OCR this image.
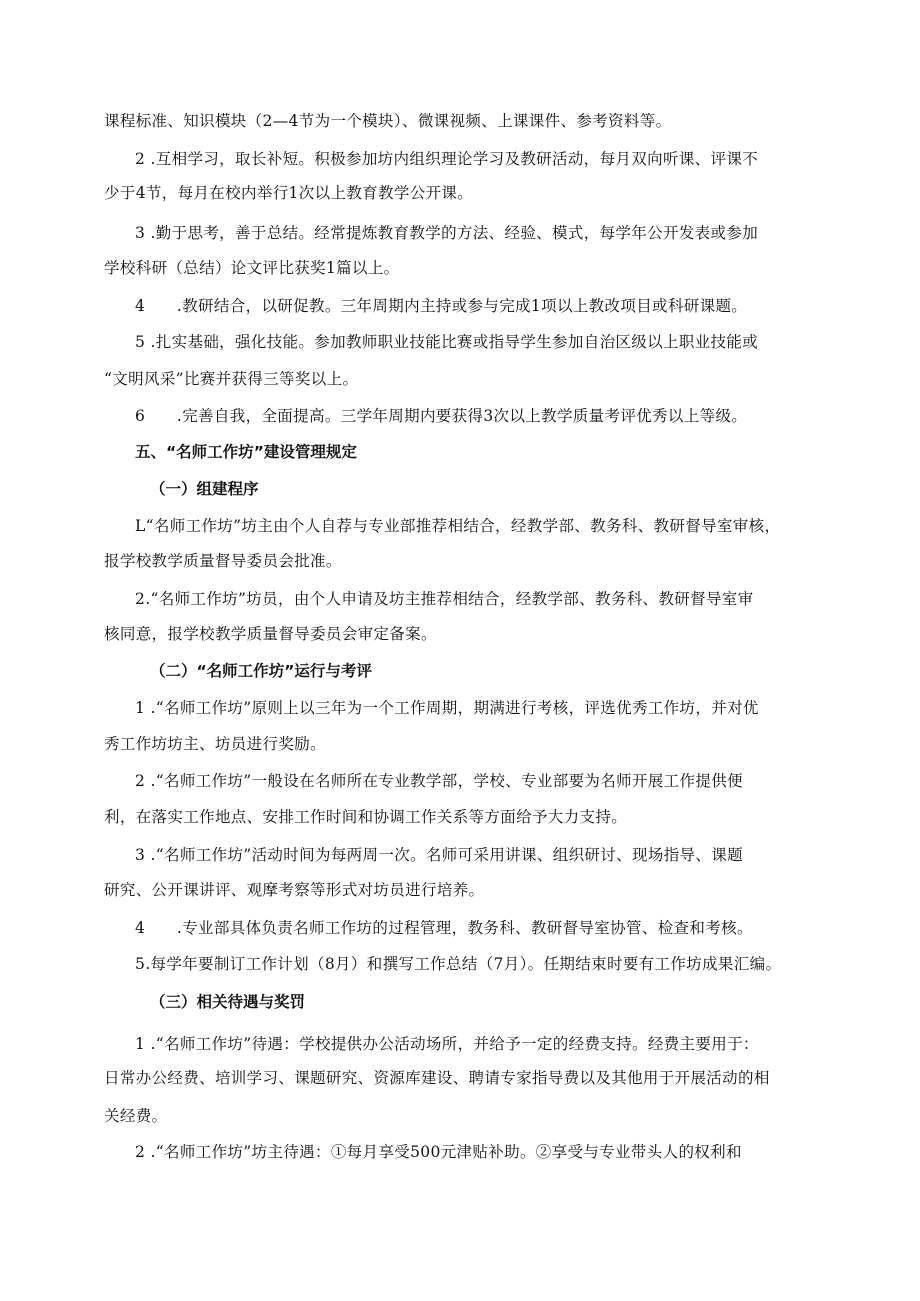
课程标准、知识模块（2—4节为一个模块）、微课视频、上课课件、参考资料等。
2 .互相学习，取长补短。积极参加坊内组织理论学习及教研活动，每月双向听课、评课不
少于4节，每月在校内举行1次以上教育教学公开课。
3 .勤于思考，善于总结。经常提炼教育教学的方法、经验、模式，每学年公开发表或参加
学校科研（总结）论文评比获奖1篇以上。
4　　.教研结合，以研促教。三年周期内主持或参与完成1项以上教改项目或科研课题。
5 .扎实基础，强化技能。参加教师职业技能比赛或指导学生参加自治区级以上职业技能或
“文明风采”比赛并获得三等奖以上。
6　　.完善自我，全面提高。三学年周期内要获得3次以上教学质量考评优秀以上等级。
五、“名师工作坊”建设管理规定
（一）组建程序
L“名师工作坊”坊主由个人自荐与专业部推荐相结合，经教学部、教务科、教研督导室审核，
报学校教学质量督导委员会批准。
2.“名师工作坊”坊员，由个人申请及坊主推荐相结合，经教学部、教务科、教研督导室审
核同意，报学校教学质量督导委员会审定备案。
（二）“名师工作坊”运行与考评
1 .“名师工作坊”原则上以三年为一个工作周期，期满进行考核，评选优秀工作坊，并对优
秀工作坊坊主、坊员进行奖励。
2 .“名师工作坊”一般设在名师所在专业教学部，学校、专业部要为名师开展工作提供便
利，在落实工作地点、安排工作时间和协调工作关系等方面给予大力支持。
3 .“名师工作坊”活动时间为每两周一次。名师可采用讲课、组织研讨、现场指导、课题
研究、公开课讲评、观摩考察等形式对坊员进行培养。
4　　.专业部具体负责名师工作坊的过程管理，教务科、教研督导室协管、检查和考核。
5.每学年要制订工作计划（8月）和撰写工作总结（7月）。任期结束时要有工作坊成果汇编。
（三）相关待遇与奖罚
1 .“名师工作坊”待遇：学校提供办公活动场所，并给予一定的经费支持。经费主要用于：
日常办公经费、培训学习、课题研究、资源库建设、聘请专家指导费以及其他用于开展活动的相
关经费。
2 .“名师工作坊”坊主待遇：①每月享受500元津贴补助。②享受与专业带头人的权利和
